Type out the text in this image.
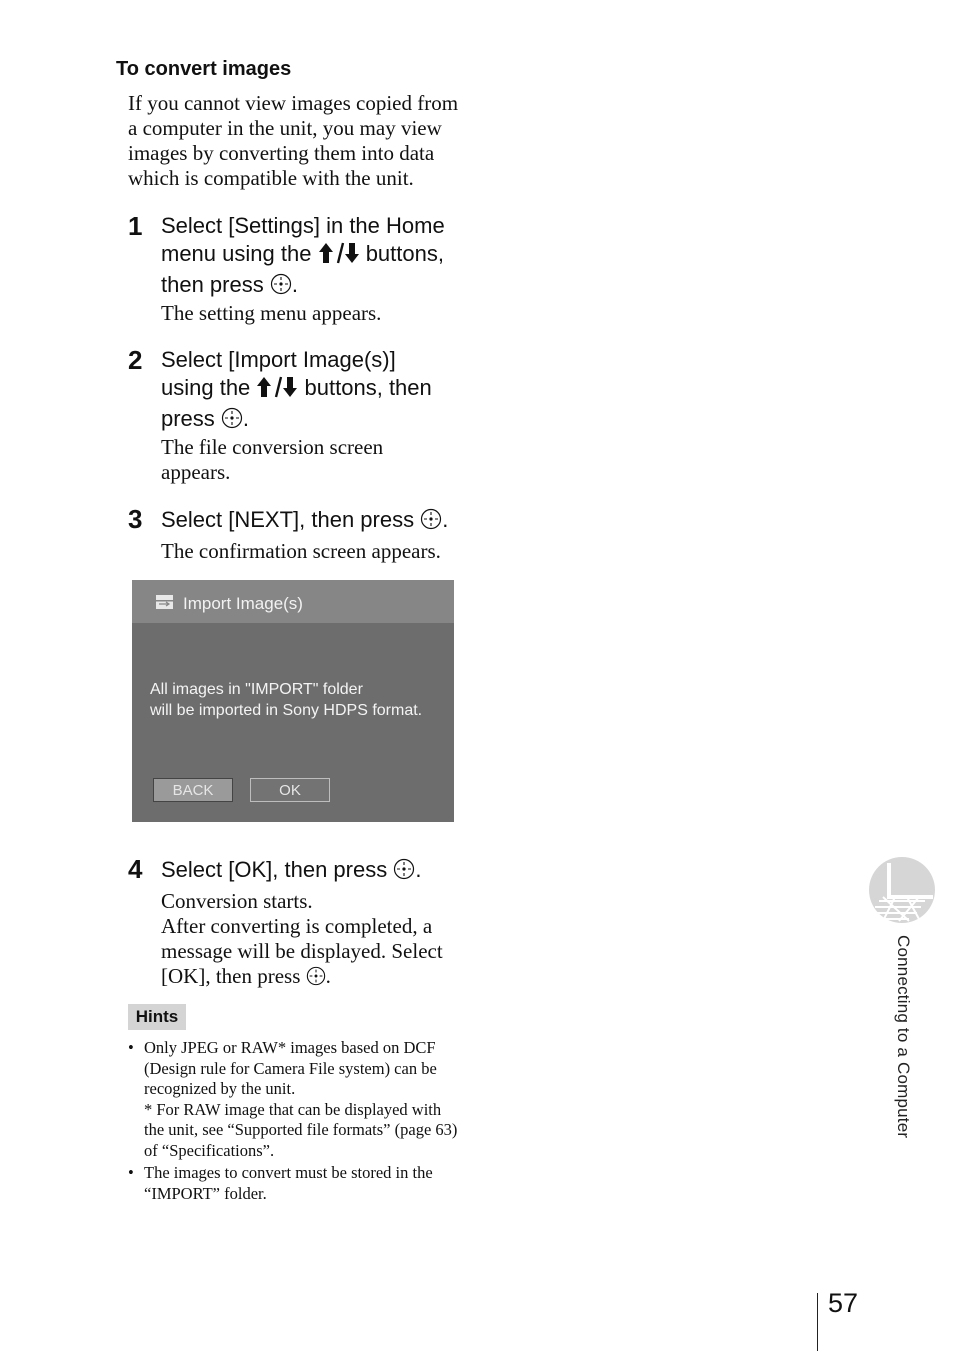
To convert images
If you cannot view images copied from a computer in the unit, you may view images by converting them into data which is compatible with the unit.
1 Select [Settings] in the Home
menu using the buttons,
then press .
The setting menu appears.
2 Select [Import Image(s)]
using the buttons, then
press .
The file conversion screen appears.
3 Select [NEXT], then press .
The confirmation screen appears.
Import Image(s)
All images in "IMPORT" folder
will be imported in Sony HDPS format.
BACK	OK
4 Select [OK], then press .
Conversion starts.
After converting is completed, a message will be displayed. Select
[OK], then press .
Hints
• Only JPEG or RAW* images based on DCF (Design rule for Camera File system) can be recognized by the unit.
* For RAW image that can be displayed with the unit, see “Supported file formats” (page 63) of “Specifications”.
• The images to convert must be stored in the “IMPORT” folder.
Connecting to a Computer
57
